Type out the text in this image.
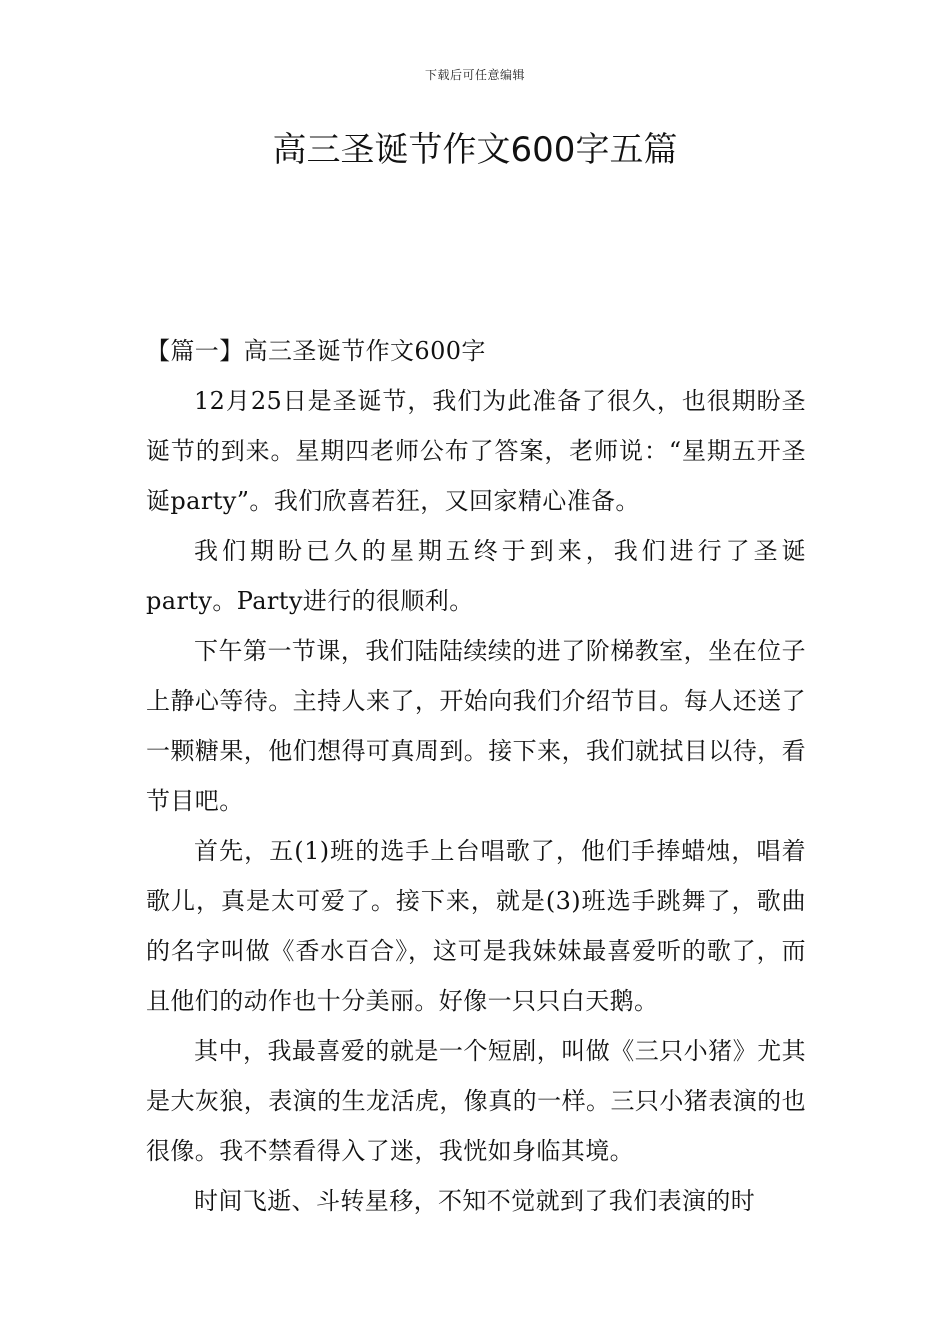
下载后可任意编辑
高三圣诞节作文600字五篇
【篇一】高三圣诞节作文600字

12月25日是圣诞节，我们为此准备了很久，也很期盼圣诞节的到来。星期四老师公布了答案，老师说：“星期五开圣诞party”。我们欣喜若狂，又回家精心准备。

我们期盼已久的星期五终于到来，我们进行了圣诞party。Party进行的很顺利。

下午第一节课，我们陆陆续续的进了阶梯教室，坐在位子上静心等待。主持人来了，开始向我们介绍节目。每人还送了一颗糖果，他们想得可真周到。接下来，我们就拭目以待，看节目吧。

首先，五(1)班的选手上台唱歌了，他们手捧蜡烛，唱着歌儿，真是太可爱了。接下来，就是(3)班选手跳舞了，歌曲的名字叫做《香水百合》，这可是我妹妹最喜爱听的歌了，而且他们的动作也十分美丽。好像一只只白天鹅。

其中，我最喜爱的就是一个短剧，叫做《三只小猪》尤其是大灰狼，表演的生龙活虎，像真的一样。三只小猪表演的也很像。我不禁看得入了迷，我恍如身临其境。

时间飞逝、斗转星移，不知不觉就到了我们表演的时
